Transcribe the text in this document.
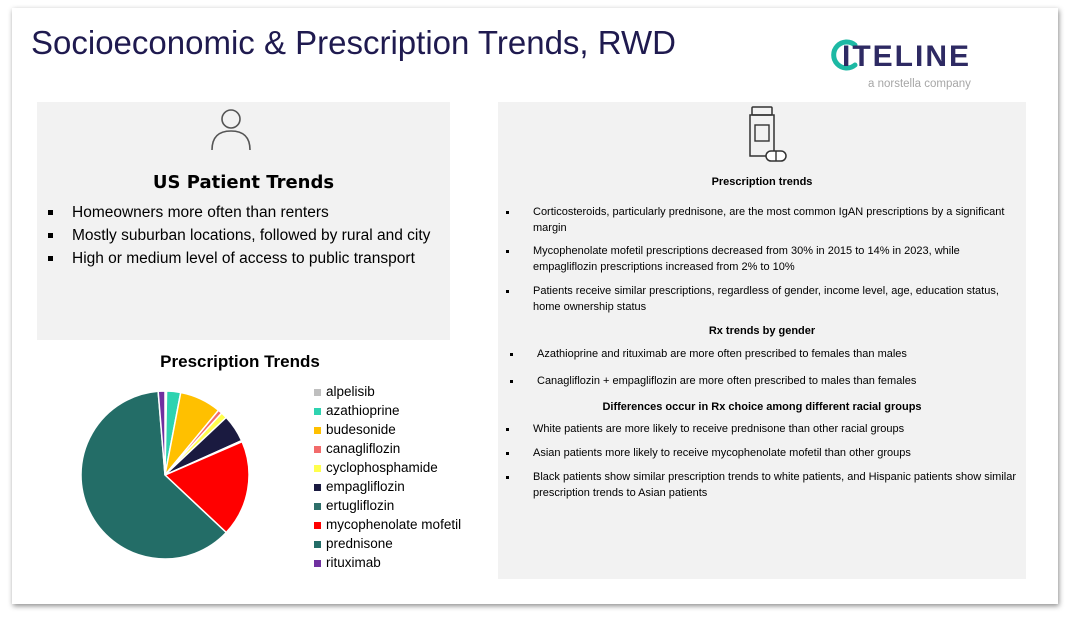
Socioeconomic & Prescription Trends, RWD	ITELINE
a norstella company
US Patient Trends
Homeowners more often than renters
Mostly suburban locations, followed by rural and city
High or medium level of access to public transport
Prescription trends
Corticosteroids, particularly prednisone, are the most common IgAN prescriptions by a significant margin
Mycophenolate mofetil prescriptions decreased from 30% in 2015 to 14% in 2023, while empagliflozin prescriptions increased from 2% to 10%
Patients receive similar prescriptions, regardless of gender, income level, age, education status, home ownership status
Rx trends by gender
Azathioprine and rituximab are more often prescribed to females than males
Canagliflozin + empagliflozin are more often prescribed to males than females
Differences occur in Rx choice among different racial groups
White patients are more likely to receive prednisone than other racial groups
Asian patients more likely to receive mycophenolate mofetil than other groups
Black patients show similar prescription trends to white patients, and Hispanic patients show similar prescription trends to Asian patients
Prescription Trends
alpelisib
azathioprine
budesonide
canagliflozin
cyclophosphamide
empagliflozin
ertugliflozin
mycophenolate mofetil
prednisone
rituximab
